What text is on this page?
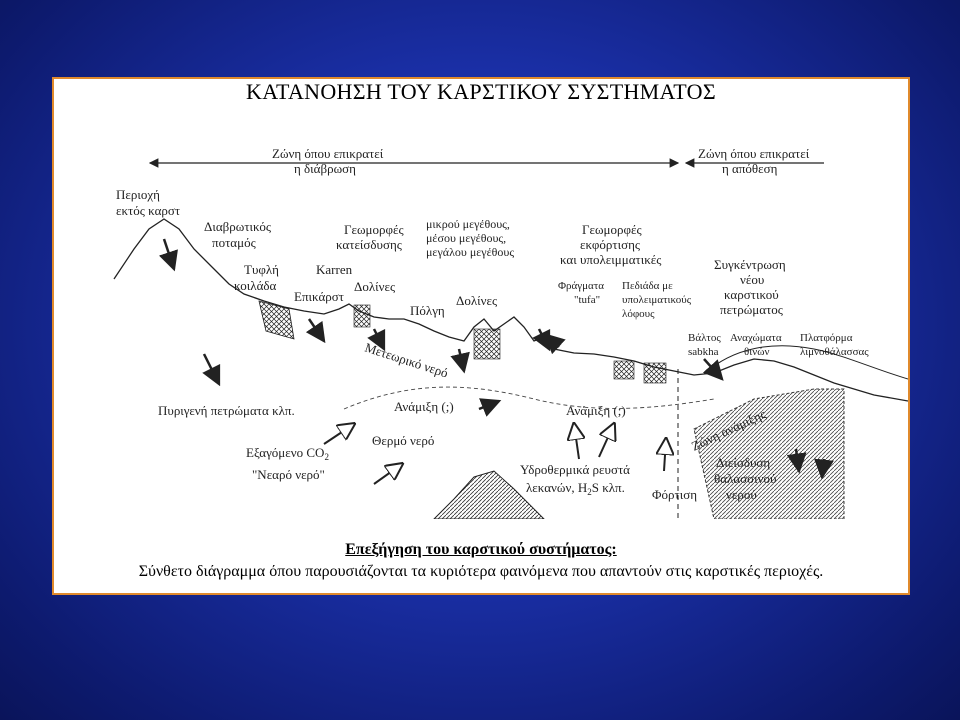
ΚΑΤΑΝΟΗΣΗ ΤΟΥ ΚΑΡΣΤΙΚΟΥ ΣΥΣΤΗΜΑΤΟΣ
Ζώνη όπου επικρατεί
η διάβρωση
Ζώνη όπου επικρατεί
η απόθεση
Περιοχή
εκτός καρστ
Διαβρωτικός
ποταμός
Τυφλή
κοιλάδα
Karren
Επικάρστ
Γεωμορφές
κατείσδυσης
Δολίνες
μικρού μεγέθους,
μέσου μεγέθους,
μεγάλου μεγέθους
Πόλγη
Δολίνες
Γεωμορφές
εκφόρτισης
και υπολειμματικές
Φράγματα
"tufa"
Πεδιάδα με
υπολειματικούς
λόφους
Συγκέντρωση
νέου
καρστικού
πετρώματος
Βάλτος
sabkha
Αναχώματα
θινών
Πλατφόρμα
λιμνοθάλασσας
Μετεωρικό νερό
Πυριγενή πετρώματα κλπ.	Ανάμιξη (;)	Ανάμιξη (;)	Ζώνη ανάμιξης
Εξαγόμενο $CO_2$
"Νεαρό νερό"
Θερμό νερό
Υδροθερμικά ρευστά
λεκανών, $H_2S$ κλπ. Φόρτιση
Διείσδυση
θαλασσινού
νερού
Επεξήγηση του καρστικού συστήματος:
Σύνθετο διάγραμμα όπου παρουσιάζονται τα κυριότερα φαινόμενα που απαντούν στις καρστικές περιοχές.
